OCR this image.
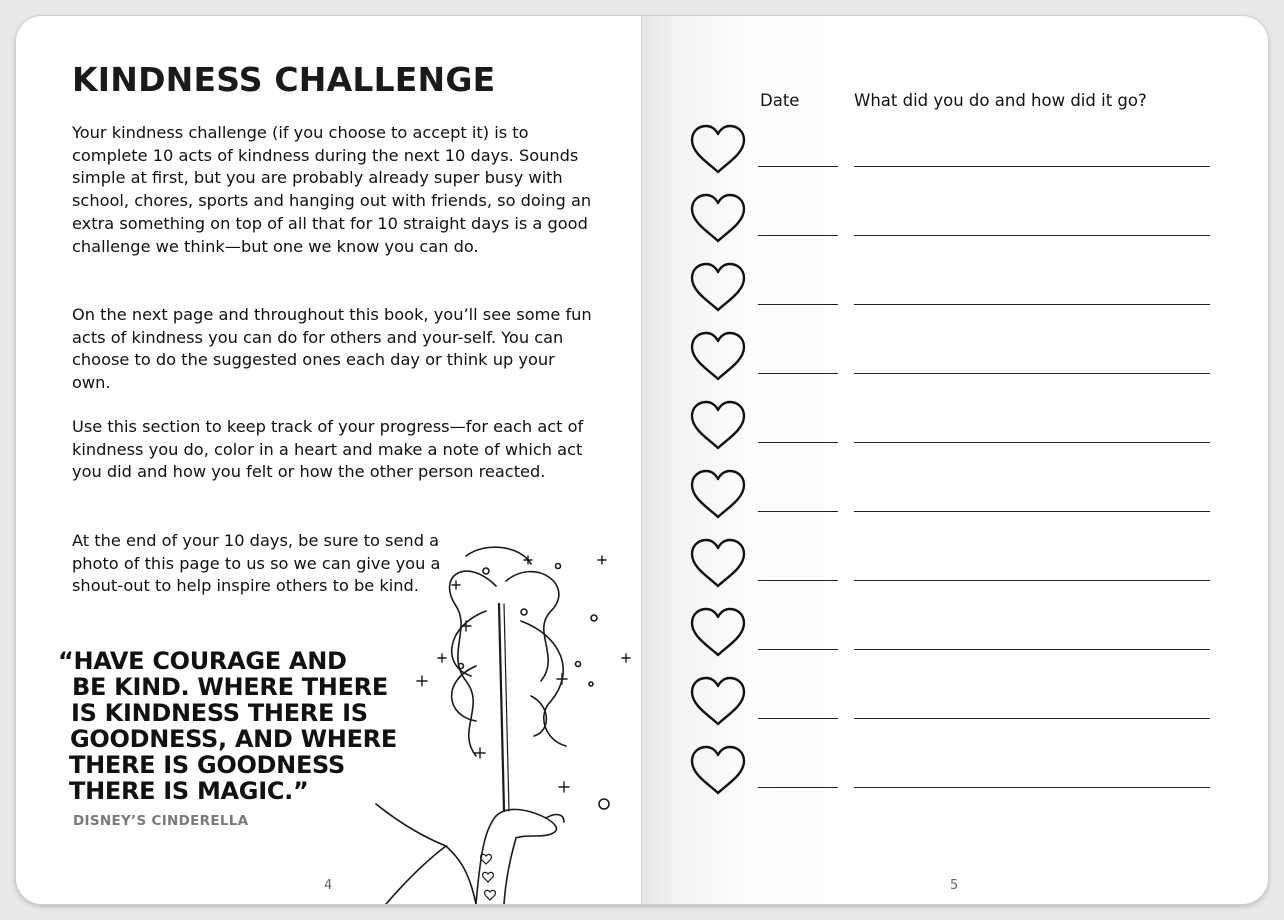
KINDNESS CHALLENGE

Your kindness challenge (if you choose to accept it) is to complete 10 acts of kindness during the next 10 days. Sounds simple at first, but you are probably already super busy with school, chores, sports and hanging out with friends, so doing an extra something on top of all that for 10 straight days is a good challenge we think—but one we know you can do.

On the next page and throughout this book, you’ll see some fun acts of kindness you can do for others and your-self. You can choose to do the suggested ones each day or think up your own.

Use this section to keep track of your progress—for each act of kindness you do, color in a heart and make a note of which act you did and how you felt or how the other person reacted.

At the end of your 10 days, be sure to send a photo of this page to us so we can give you a shout-out to help inspire others to be kind.

“HAVE COURAGE AND
BE KIND. WHERE THERE
IS KINDNESS THERE IS
GOODNESS, AND WHERE
THERE IS GOODNESS
THERE IS MAGIC.”
DISNEY’S CINDERELLA
4
Date	What did you do and how did it go?
5
